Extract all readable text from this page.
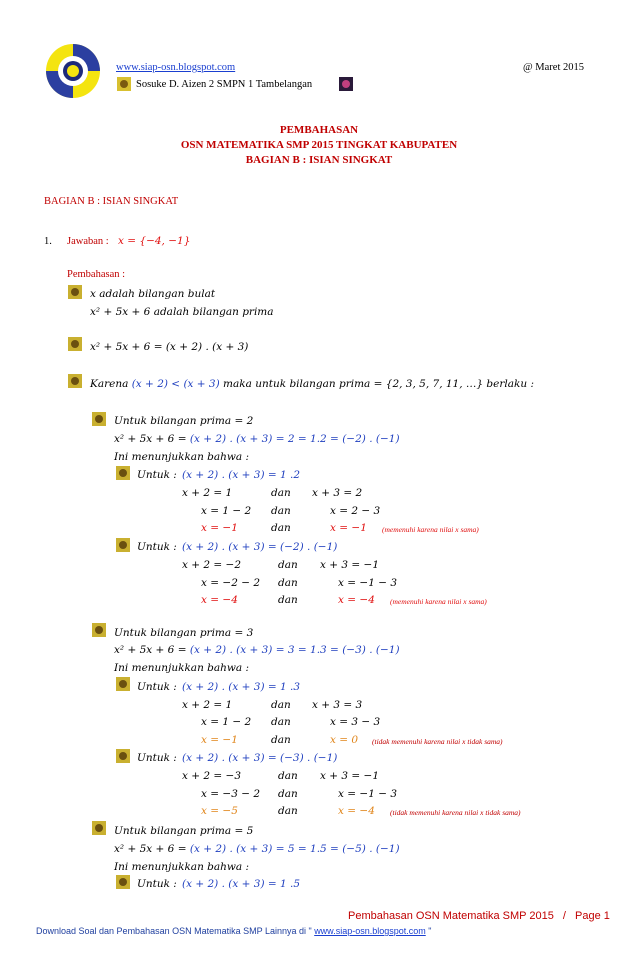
www.siap-osn.blogspot.com	@ Maret 2015
Sosuke D. Aizen 2 SMPN 1 Tambelangan
PEMBAHASAN
OSN MATEMATIKA SMP 2015 TINGKAT KABUPATEN
BAGIAN B : ISIAN SINGKAT
BAGIAN B : ISIAN SINGKAT
1. Jawaban : x = {−4, −1}
Pembahasan :
x adalah bilangan bulat
x² + 5x + 6 adalah bilangan prima
x² + 5x + 6 = (x + 2) . (x + 3)
Karena (x + 2) < (x + 3) maka untuk bilangan prima = {2, 3, 5, 7, 11, …} berlaku :
Untuk bilangan prima = 2
x² + 5x + 6 = (x + 2) . (x + 3) = 2 = 1.2 = (−2) . (−1)
Ini menunjukkan bahwa :
Untuk : (x + 2) . (x + 3) = 1 .2
x + 2 = 1	dan x + 3 = 2
x = 1 − 2 dan	x = 2 − 3
x = −1	dan	x = −1 (memenuhi karena nilai x sama)
Untuk : (x + 2) . (x + 3) = (−2) . (−1)
x + 2 = −2	dan x + 3 = −1
x = −2 − 2 dan	x = −1 − 3
x = −4	dan	x = −4 (memenuhi karena nilai x sama)
Untuk bilangan prima = 3
x² + 5x + 6 = (x + 2) . (x + 3) = 3 = 1.3 = (−3) . (−1)
Ini menunjukkan bahwa :
Untuk : (x + 2) . (x + 3) = 1 .3
x + 2 = 1	dan x + 3 = 3
x = 1 − 2 dan	x = 3 − 3
x = −1	dan	x = 0 (tidak memenuhi karena nilai x tidak sama)
Untuk : (x + 2) . (x + 3) = (−3) . (−1)
x + 2 = −3	dan x + 3 = −1
x = −3 − 2 dan	x = −1 − 3
x = −5	dan	x = −4 (tidak memenuhi karena nilai x tidak sama)
Untuk bilangan prima = 5
x² + 5x + 6 = (x + 2) . (x + 3) = 5 = 1.5 = (−5) . (−1)
Ini menunjukkan bahwa :
Untuk : (x + 2) . (x + 3) = 1 .5
Pembahasan OSN Matematika SMP 2015 / Page 1
Download Soal dan Pembahasan OSN Matematika SMP Lainnya di " www.siap-osn.blogspot.com "
